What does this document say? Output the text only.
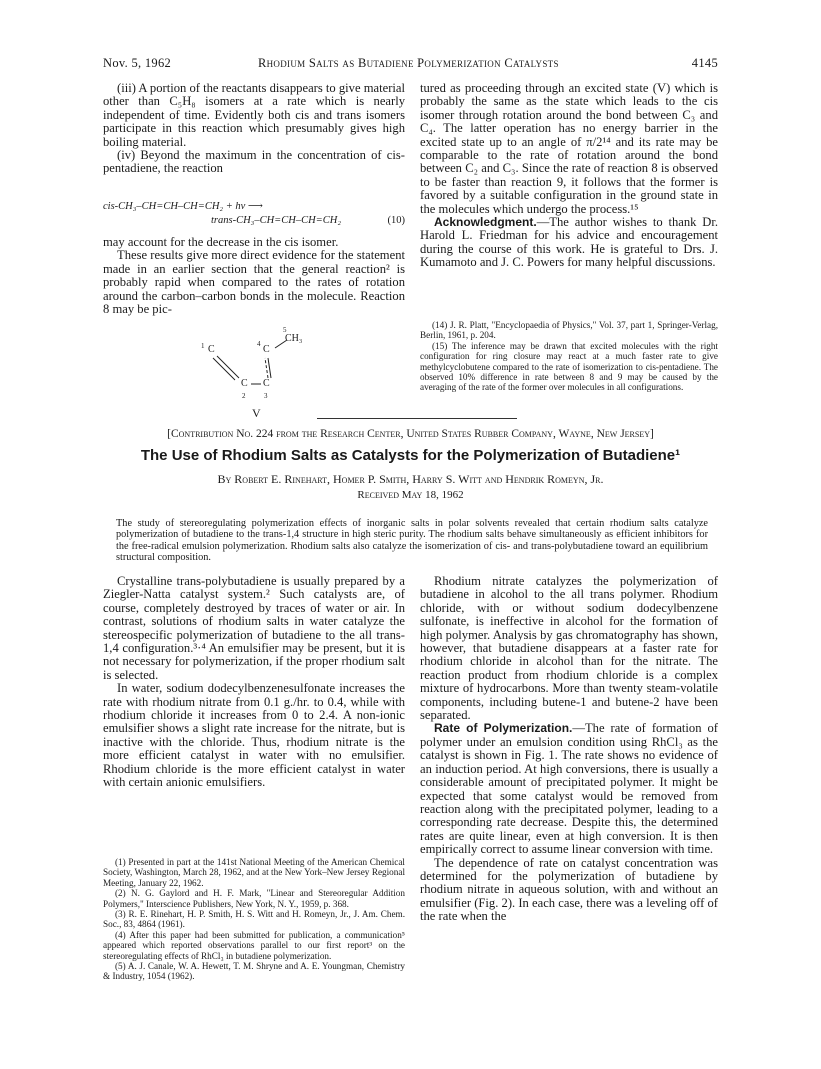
Nov. 5, 1962	Rhodium Salts as Butadiene Polymerization Catalysts	4145

(iii) A portion of the reactants disappears to give material other than C₅H₈ isomers at a rate which is nearly independent of time. Evidently both cis and trans isomers participate in this reaction which presumably gives high boiling material.

(iv) Beyond the maximum in the concentration of cis-pentadiene, the reaction

cis-CH₃–CH=CH–CH=CH₂ + hν ⟶
trans-CH₃–CH=CH–CH=CH₂	(10)

may account for the decrease in the cis isomer.

These results give more direct evidence for the statement made in an earlier section that the general reaction² is probably rapid when compared to the rates of rotation around the carbon–carbon bonds in the molecule. Reaction 8 may be pic-

1 C	4 C
5
CH₃
C C
2	3
V

tured as proceeding through an excited state (V) which is probably the same as the state which leads to the cis isomer through rotation around the bond between C₃ and C₄. The latter operation has no energy barrier in the excited state up to an angle of π/2¹⁴ and its rate may be comparable to the rate of rotation around the bond between C₂ and C₃. Since the rate of reaction 8 is observed to be faster than reaction 9, it follows that the former is favored by a suitable configuration in the ground state in the molecules which undergo the process.¹⁵

Acknowledgment.—The author wishes to thank Dr. Harold L. Friedman for his advice and encouragement during the course of this work. He is grateful to Drs. J. Kumamoto and J. C. Powers for many helpful discussions.

(14) J. R. Platt, "Encyclopaedia of Physics," Vol. 37, part 1, Springer-Verlag, Berlin, 1961, p. 204.

(15) The inference may be drawn that excited molecules with the right configuration for ring closure may react at a much faster rate to give methylcyclobutene compared to the rate of isomerization to cis-pentadiene. The observed 10% difference in rate between 8 and 9 may be caused by the averaging of the rate of the former over molecules in all configurations.

[Contribution No. 224 from the Research Center, United States Rubber Company, Wayne, New Jersey]
The Use of Rhodium Salts as Catalysts for the Polymerization of Butadiene¹
By Robert E. Rinehart, Homer P. Smith, Harry S. Witt and Hendrik Romeyn, Jr.
Received May 18, 1962
The study of stereoregulating polymerization effects of inorganic salts in polar solvents revealed that certain rhodium salts catalyze polymerization of butadiene to the trans-1,4 structure in high steric purity. The rhodium salts behave simultaneously as efficient inhibitors for the free-radical emulsion polymerization. Rhodium salts also catalyze the isomerization of cis- and trans-polybutadiene toward an equilibrium structural composition.

Crystalline trans-polybutadiene is usually prepared by a Ziegler-Natta catalyst system.² Such catalysts are, of course, completely destroyed by traces of water or air. In contrast, solutions of rhodium salts in water catalyze the stereospecific polymerization of butadiene to the all trans-1,4 configuration.³·⁴ An emulsifier may be present, but it is not necessary for polymerization, if the proper rhodium salt is selected.

In water, sodium dodecylbenzenesulfonate increases the rate with rhodium nitrate from 0.1 g./hr. to 0.4, while with rhodium chloride it increases from 0 to 2.4. A non-ionic emulsifier shows a slight rate increase for the nitrate, but is inactive with the chloride. Thus, rhodium nitrate is the more efficient catalyst in water with no emulsifier. Rhodium chloride is the more efficient catalyst in water with certain anionic emulsifiers.

(1) Presented in part at the 141st National Meeting of the American Chemical Society, Washington, March 28, 1962, and at the New York–New Jersey Regional Meeting, January 22, 1962.

(2) N. G. Gaylord and H. F. Mark, "Linear and Stereoregular Addition Polymers," Interscience Publishers, New York, N. Y., 1959, p. 368.

(3) R. E. Rinehart, H. P. Smith, H. S. Witt and H. Romeyn, Jr., J. Am. Chem. Soc., 83, 4864 (1961).

(4) After this paper had been submitted for publication, a communication⁵ appeared which reported observations parallel to our first report³ on the stereoregulating effects of RhCl₃ in butadiene polymerization.

(5) A. J. Canale, W. A. Hewett, T. M. Shryne and A. E. Youngman, Chemistry & Industry, 1054 (1962).

Rhodium nitrate catalyzes the polymerization of butadiene in alcohol to the all trans polymer. Rhodium chloride, with or without sodium dodecylbenzene sulfonate, is ineffective in alcohol for the formation of high polymer. Analysis by gas chromatography has shown, however, that butadiene disappears at a faster rate for rhodium chloride in alcohol than for the nitrate. The reaction product from rhodium chloride is a complex mixture of hydrocarbons. More than twenty steam-volatile components, including butene-1 and butene-2 have been separated.

Rate of Polymerization.—The rate of formation of polymer under an emulsion condition using RhCl₃ as the catalyst is shown in Fig. 1. The rate shows no evidence of an induction period. At high conversions, there is usually a considerable amount of precipitated polymer. It might be expected that some catalyst would be removed from reaction along with the precipitated polymer, leading to a corresponding rate decrease. Despite this, the determined rates are quite linear, even at high conversion. It is then empirically correct to assume linear conversion with time.

The dependence of rate on catalyst concentration was determined for the polymerization of butadiene by rhodium nitrate in aqueous solution, with and without an emulsifier (Fig. 2). In each case, there was a leveling off of the rate when the
